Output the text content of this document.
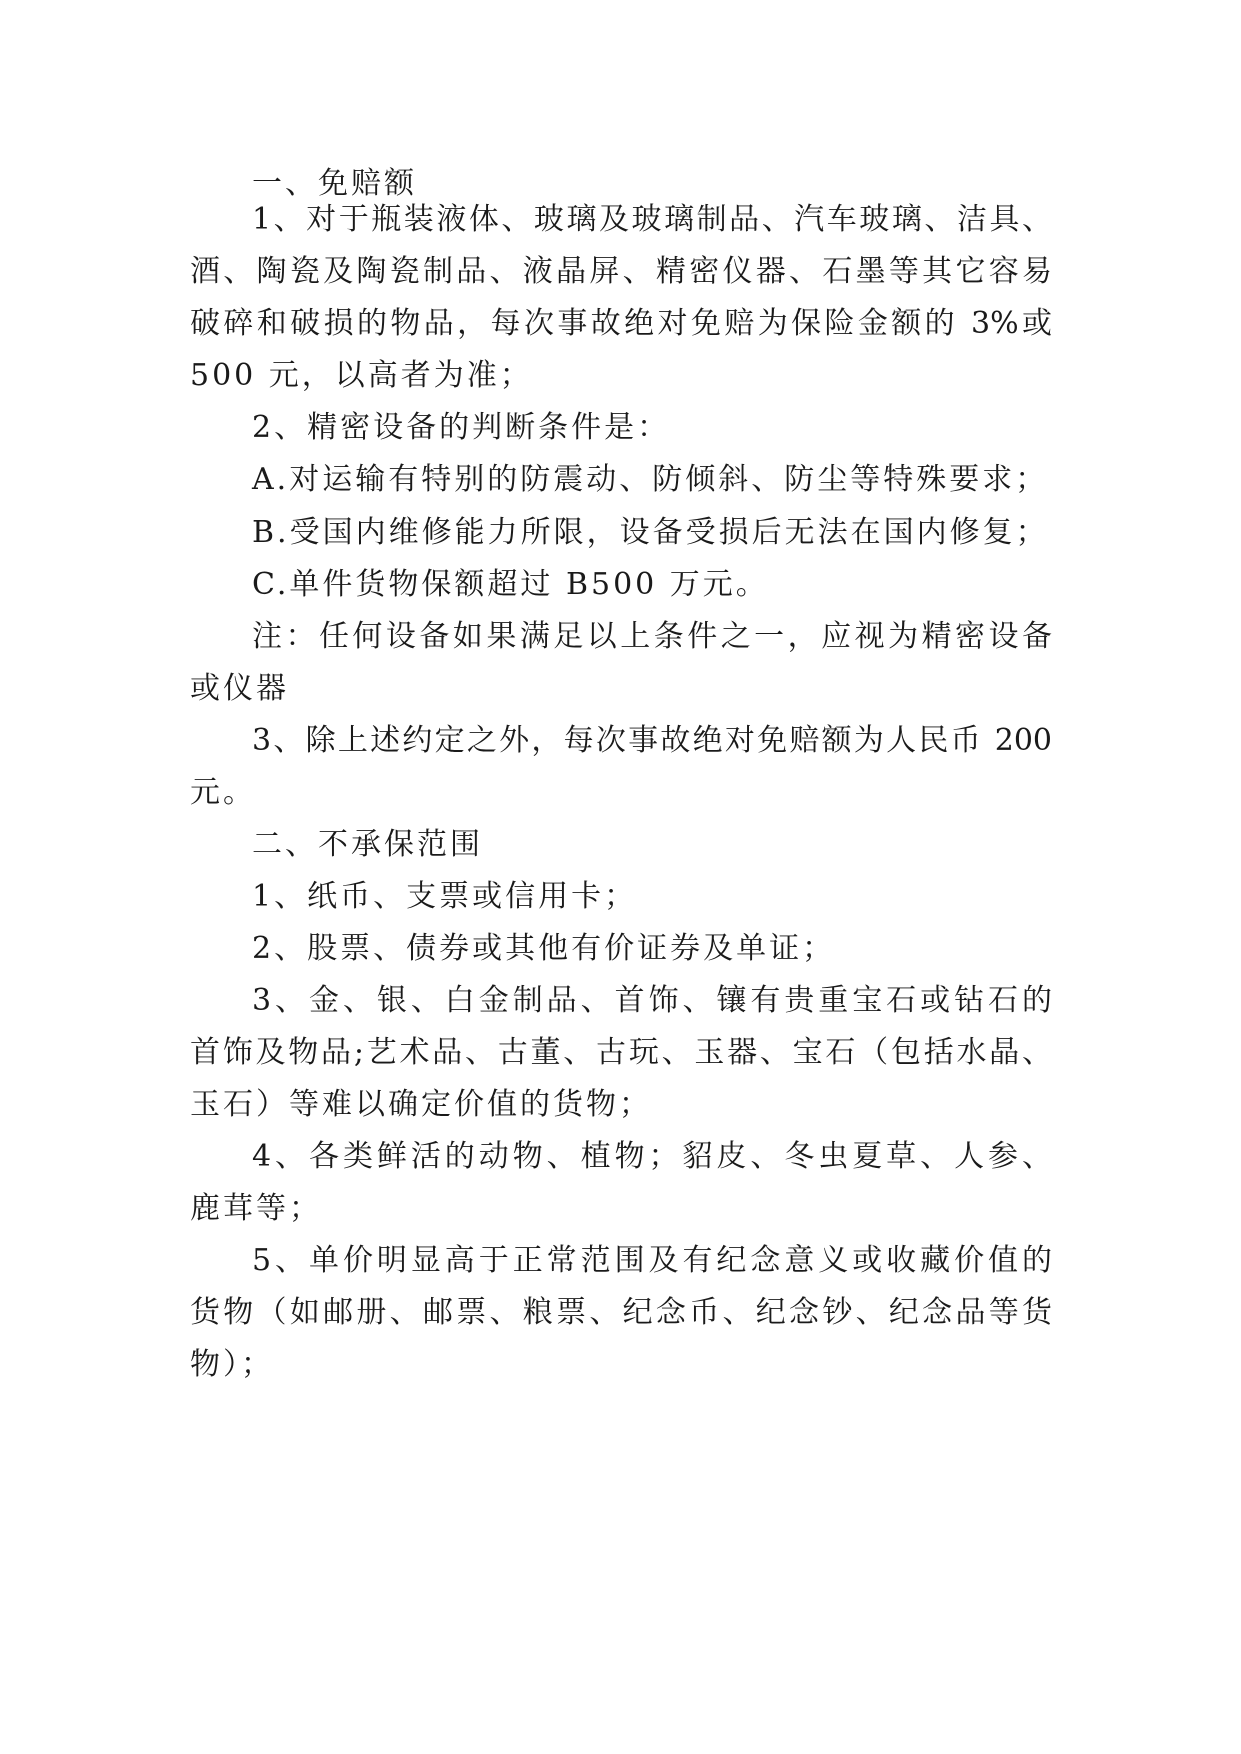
一、免赔额
1、对于瓶装液体、玻璃及玻璃制品、汽车玻璃、洁具、
酒、陶瓷及陶瓷制品、液晶屏、精密仪器、石墨等其它容易
破碎和破损的物品，每次事故绝对免赔为保险金额的 3%或
500 元，以高者为准；
2、精密设备的判断条件是：
A.对运输有特别的防震动、防倾斜、防尘等特殊要求；
B.受国内维修能力所限，设备受损后无法在国内修复；
C.单件货物保额超过 B500 万元。
注：任何设备如果满足以上条件之一，应视为精密设备
或仪器
3、除上述约定之外，每次事故绝对免赔额为人民币 200
元。
二、不承保范围
1、纸币、支票或信用卡；
2、股票、债券或其他有价证券及单证；
3、金、银、白金制品、首饰、镶有贵重宝石或钻石的
首饰及物品;艺术品、古董、古玩、玉器、宝石（包括水晶、
玉石）等难以确定价值的货物；
4、各类鲜活的动物、植物；貂皮、冬虫夏草、人参、
鹿茸等；
5、单价明显高于正常范围及有纪念意义或收藏价值的
货物（如邮册、邮票、粮票、纪念币、纪念钞、纪念品等货
物）；
